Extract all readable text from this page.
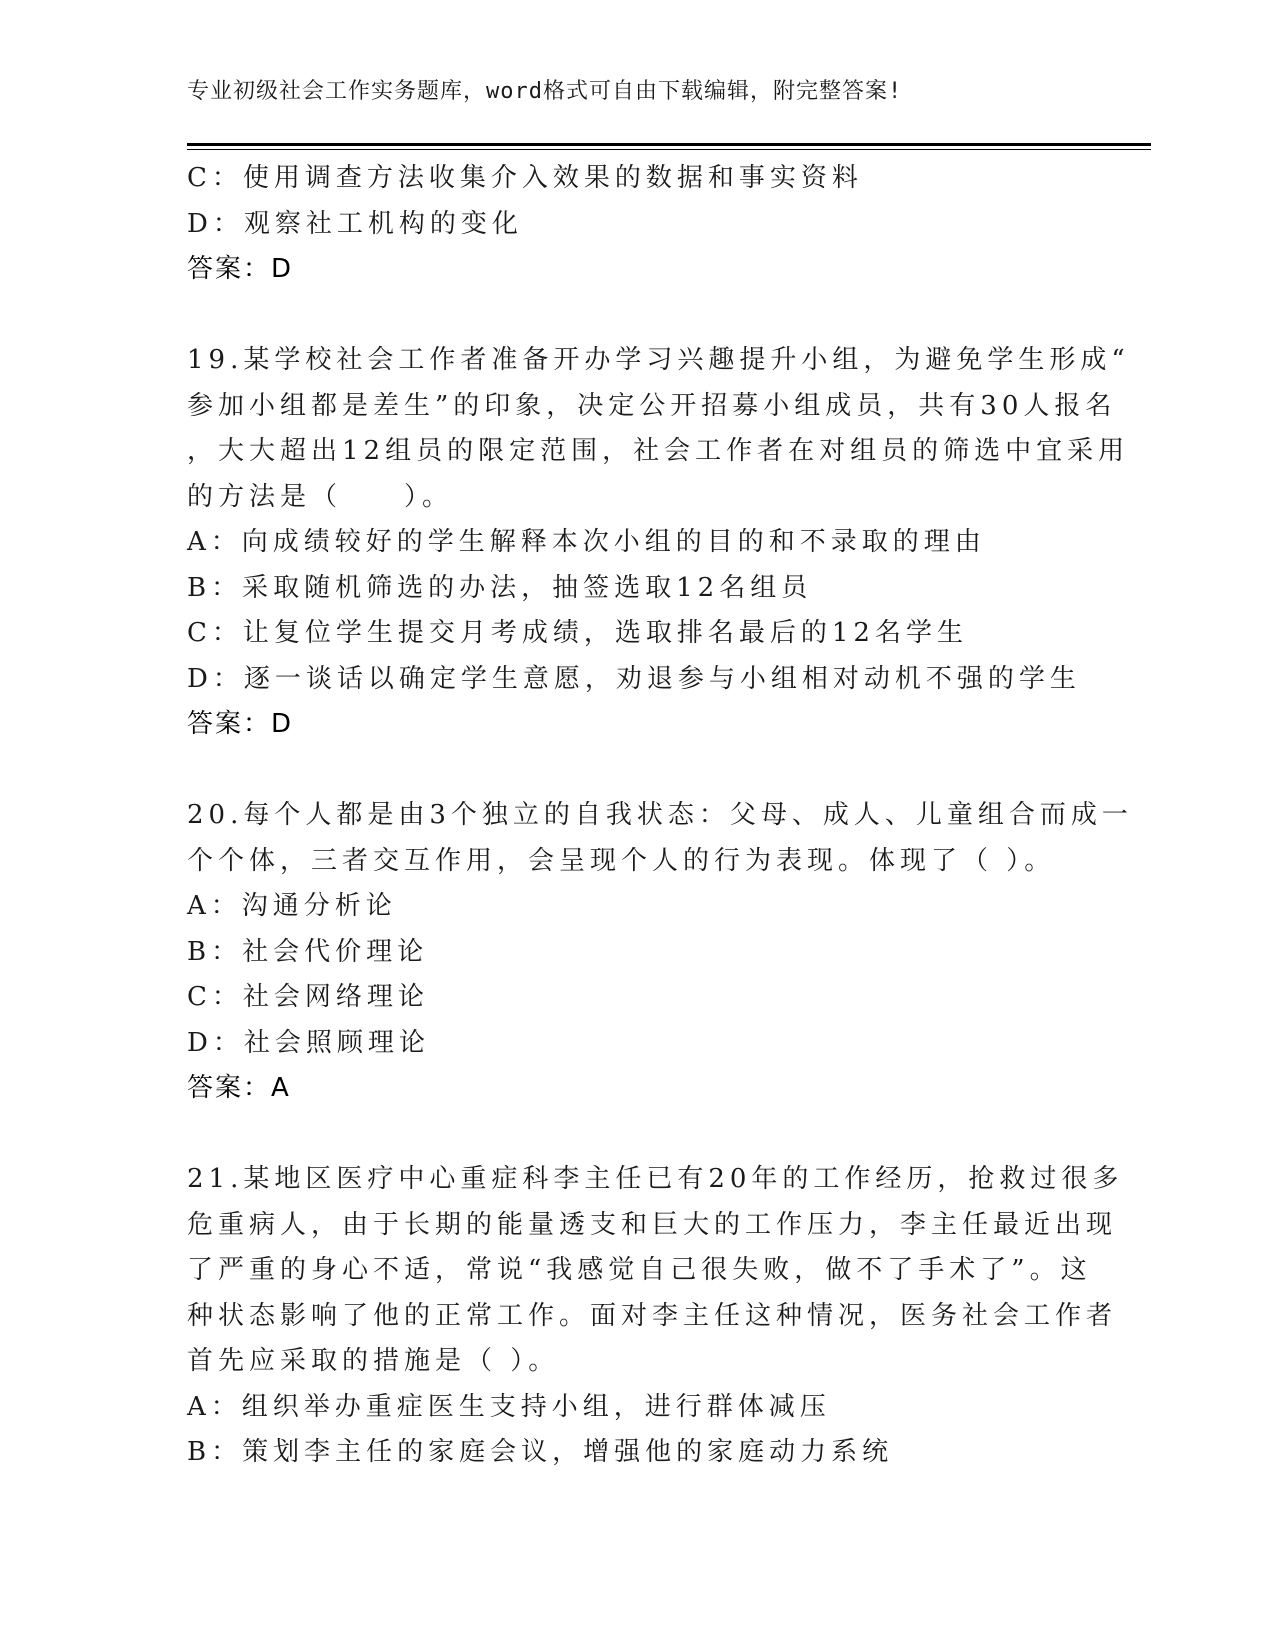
专业初级社会工作实务题库，word格式可自由下载编辑，附完整答案!
C：使用调查方法收集介入效果的数据和事实资料
D：观察社工机构的变化
答案：D
19.某学校社会工作者准备开办学习兴趣提升小组，为避免学生形成“
参加小组都是差生”的印象，决定公开招募小组成员，共有30人报名
，大大超出12组员的限定范围，社会工作者在对组员的筛选中宜采用
的方法是（　　）。
A：向成绩较好的学生解释本次小组的目的和不录取的理由
B：采取随机筛选的办法，抽签选取12名组员
C：让复位学生提交月考成绩，选取排名最后的12名学生
D：逐一谈话以确定学生意愿，劝退参与小组相对动机不强的学生
答案：D
20.每个人都是由3个独立的自我状态：父母、成人、儿童组合而成一
个个体，三者交互作用，会呈现个人的行为表现。体现了（ ）。
A：沟通分析论
B：社会代价理论
C：社会网络理论
D：社会照顾理论
答案：A
21.某地区医疗中心重症科李主任已有20年的工作经历，抢救过很多
危重病人，由于长期的能量透支和巨大的工作压力，李主任最近出现
了严重的身心不适，常说“我感觉自己很失败，做不了手术了”。这
种状态影响了他的正常工作。面对李主任这种情况，医务社会工作者
首先应采取的措施是（ ）。
A：组织举办重症医生支持小组，进行群体减压
B：策划李主任的家庭会议，增强他的家庭动力系统
